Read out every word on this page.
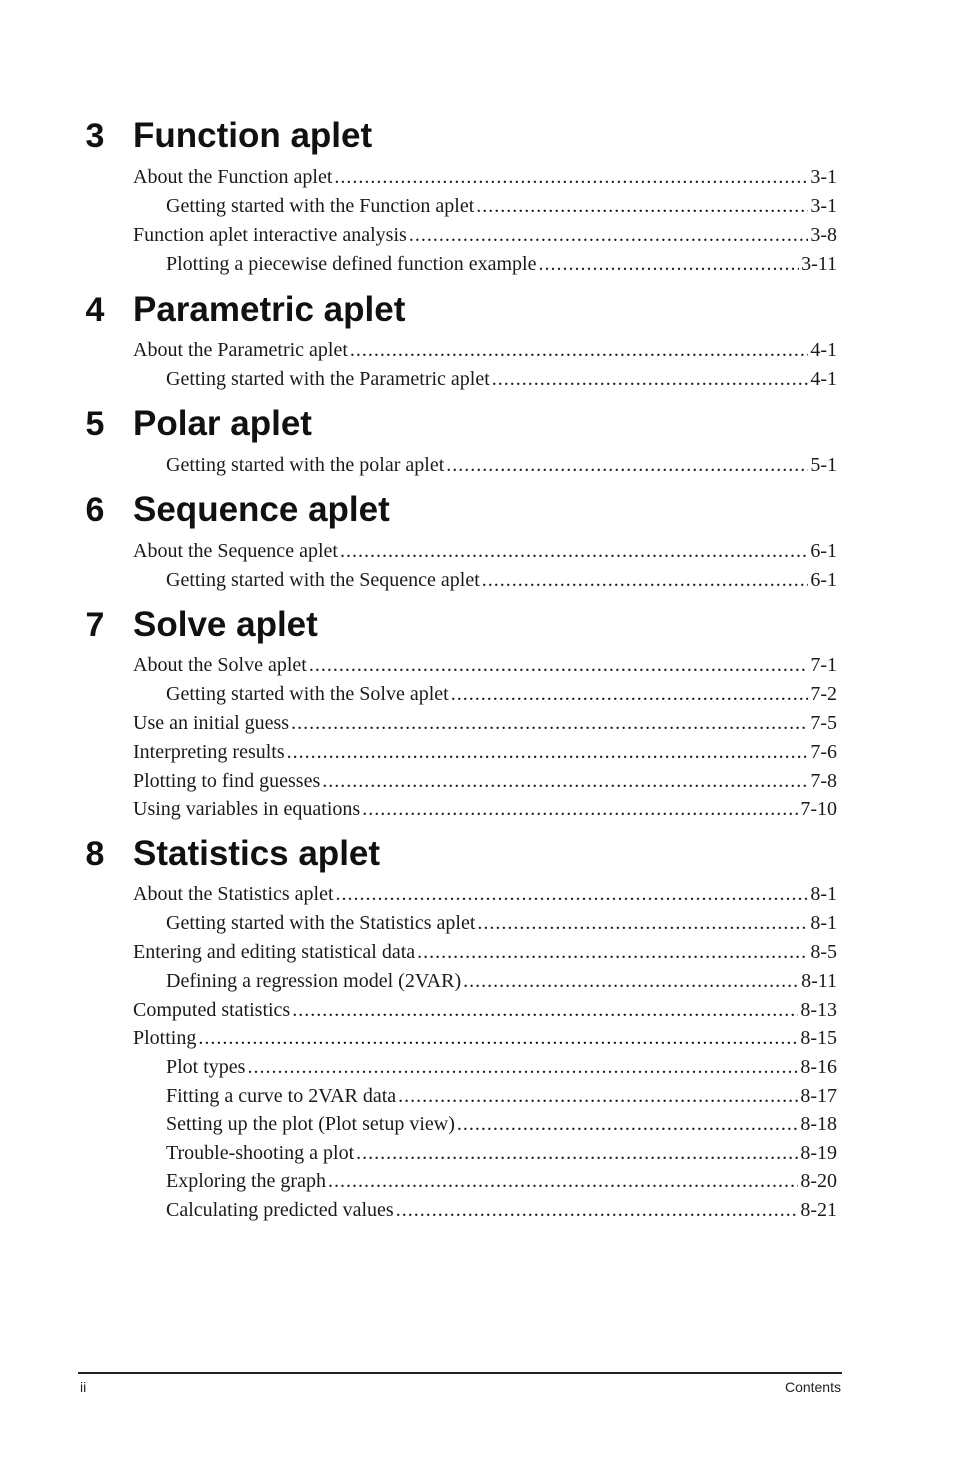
3 Function aplet
About the Function aplet .....	3-1
Getting started with the Function aplet .....	3-1
Function aplet interactive analysis .....	3-8
Plotting a piecewise defined function example .....	3-11
4 Parametric aplet
About the Parametric aplet .....	4-1
Getting started with the Parametric aplet .....	4-1
5 Polar aplet
Getting started with the polar aplet .....	5-1
6 Sequence aplet
About the Sequence aplet .....	6-1
Getting started with the Sequence aplet .....	6-1
7 Solve aplet
About the Solve aplet .....	7-1
Getting started with the Solve aplet .....	7-2
Use an initial guess .....	7-5
Interpreting results .....	7-6
Plotting to find guesses .....	7-8
Using variables in equations .....	7-10
8 Statistics aplet
About the Statistics aplet .....	8-1
Getting started with the Statistics aplet .....	8-1
Entering and editing statistical data .....	8-5
Defining a regression model (2VAR) .....	8-11
Computed statistics .....	8-13
Plotting .....	8-15
Plot types .....	8-16
Fitting a curve to 2VAR data .....	8-17
Setting up the plot (Plot setup view) .....	8-18
Trouble-shooting a plot .....	8-19
Exploring the graph .....	8-20
Calculating predicted values .....	8-21
ii	Contents
